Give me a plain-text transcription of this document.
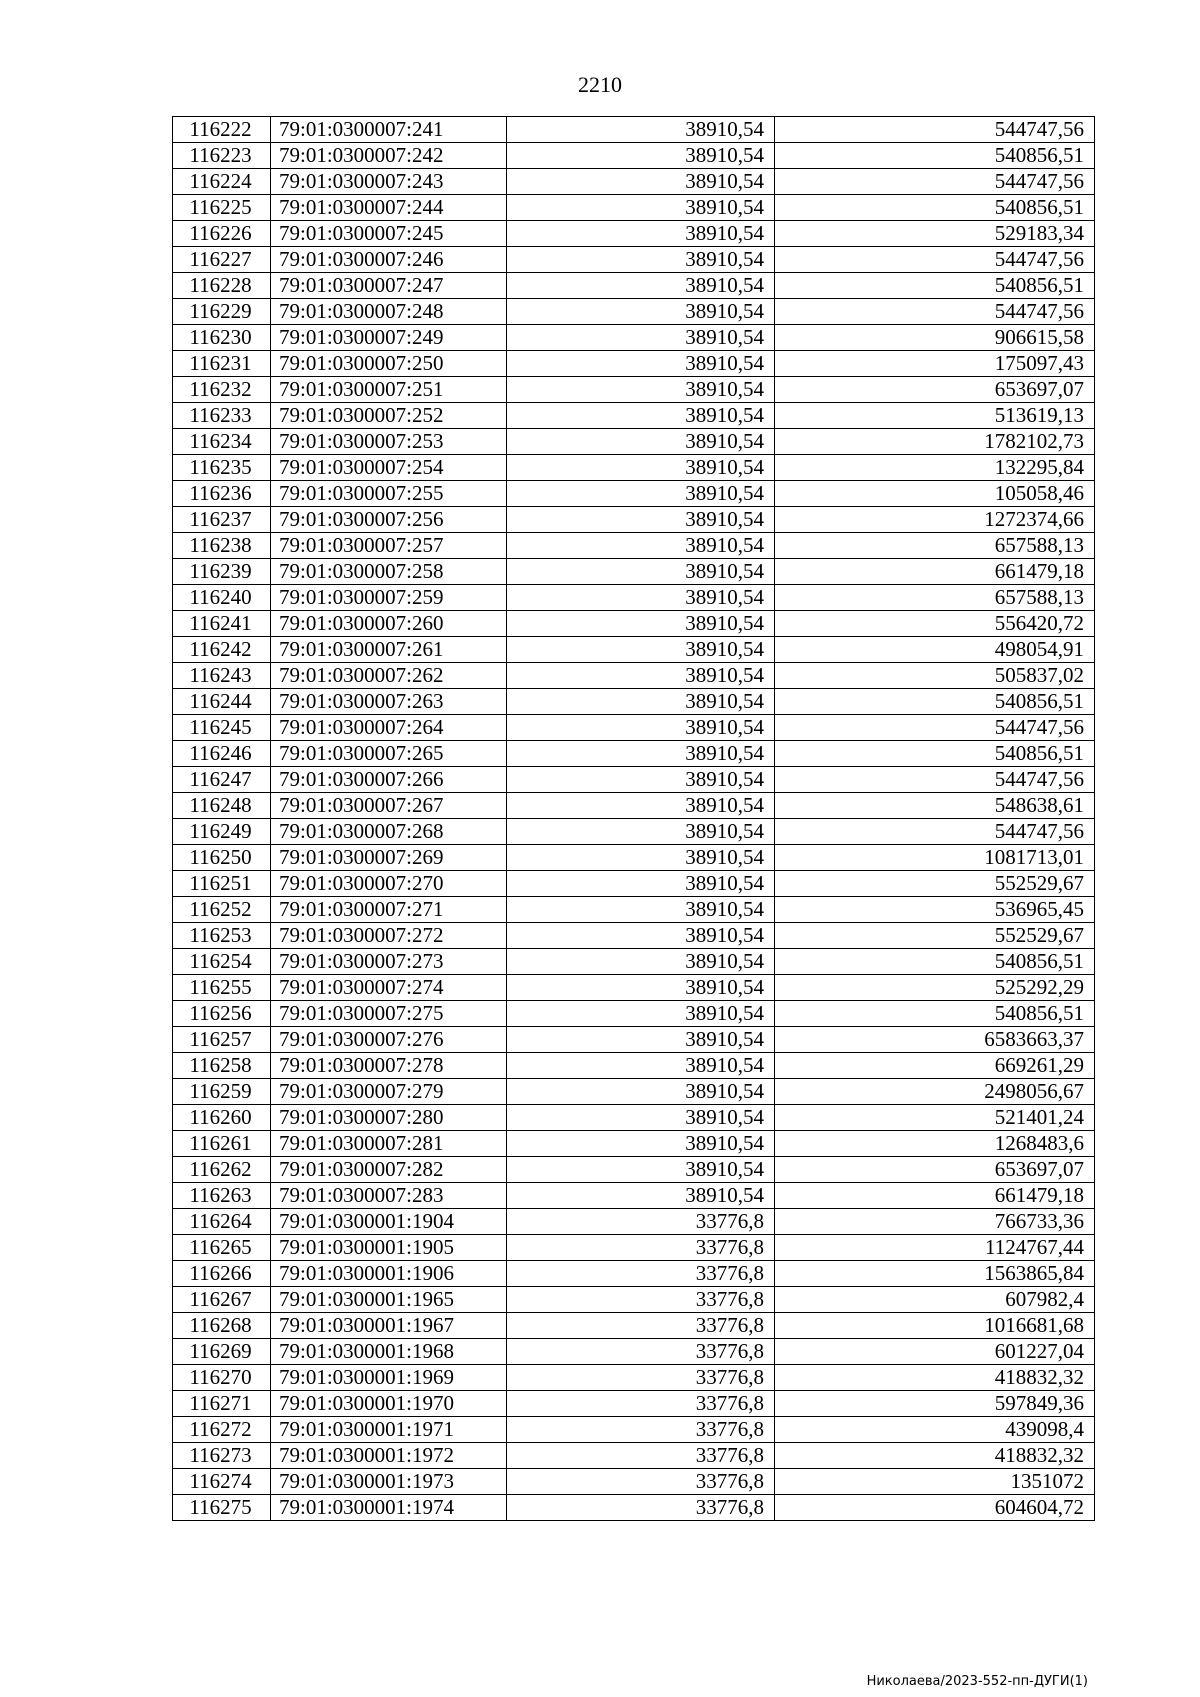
2210
116222	79:01:0300007:241	38910,54	544747,56
116223	79:01:0300007:242	38910,54	540856,51
116224	79:01:0300007:243	38910,54	544747,56
116225	79:01:0300007:244	38910,54	540856,51
116226	79:01:0300007:245	38910,54	529183,34
116227	79:01:0300007:246	38910,54	544747,56
116228	79:01:0300007:247	38910,54	540856,51
116229	79:01:0300007:248	38910,54	544747,56
116230	79:01:0300007:249	38910,54	906615,58
116231	79:01:0300007:250	38910,54	175097,43
116232	79:01:0300007:251	38910,54	653697,07
116233	79:01:0300007:252	38910,54	513619,13
116234	79:01:0300007:253	38910,54	1782102,73
116235	79:01:0300007:254	38910,54	132295,84
116236	79:01:0300007:255	38910,54	105058,46
116237	79:01:0300007:256	38910,54	1272374,66
116238	79:01:0300007:257	38910,54	657588,13
116239	79:01:0300007:258	38910,54	661479,18
116240	79:01:0300007:259	38910,54	657588,13
116241	79:01:0300007:260	38910,54	556420,72
116242	79:01:0300007:261	38910,54	498054,91
116243	79:01:0300007:262	38910,54	505837,02
116244	79:01:0300007:263	38910,54	540856,51
116245	79:01:0300007:264	38910,54	544747,56
116246	79:01:0300007:265	38910,54	540856,51
116247	79:01:0300007:266	38910,54	544747,56
116248	79:01:0300007:267	38910,54	548638,61
116249	79:01:0300007:268	38910,54	544747,56
116250	79:01:0300007:269	38910,54	1081713,01
116251	79:01:0300007:270	38910,54	552529,67
116252	79:01:0300007:271	38910,54	536965,45
116253	79:01:0300007:272	38910,54	552529,67
116254	79:01:0300007:273	38910,54	540856,51
116255	79:01:0300007:274	38910,54	525292,29
116256	79:01:0300007:275	38910,54	540856,51
116257	79:01:0300007:276	38910,54	6583663,37
116258	79:01:0300007:278	38910,54	669261,29
116259	79:01:0300007:279	38910,54	2498056,67
116260	79:01:0300007:280	38910,54	521401,24
116261	79:01:0300007:281	38910,54	1268483,6
116262	79:01:0300007:282	38910,54	653697,07
116263	79:01:0300007:283	38910,54	661479,18
116264	79:01:0300001:1904	33776,8	766733,36
116265	79:01:0300001:1905	33776,8	1124767,44
116266	79:01:0300001:1906	33776,8	1563865,84
116267	79:01:0300001:1965	33776,8	607982,4
116268	79:01:0300001:1967	33776,8	1016681,68
116269	79:01:0300001:1968	33776,8	601227,04
116270	79:01:0300001:1969	33776,8	418832,32
116271	79:01:0300001:1970	33776,8	597849,36
116272	79:01:0300001:1971	33776,8	439098,4
116273	79:01:0300001:1972	33776,8	418832,32
116274	79:01:0300001:1973	33776,8	1351072
116275	79:01:0300001:1974	33776,8	604604,72
Николаева/2023-552-пп-ДУГИ(1)
